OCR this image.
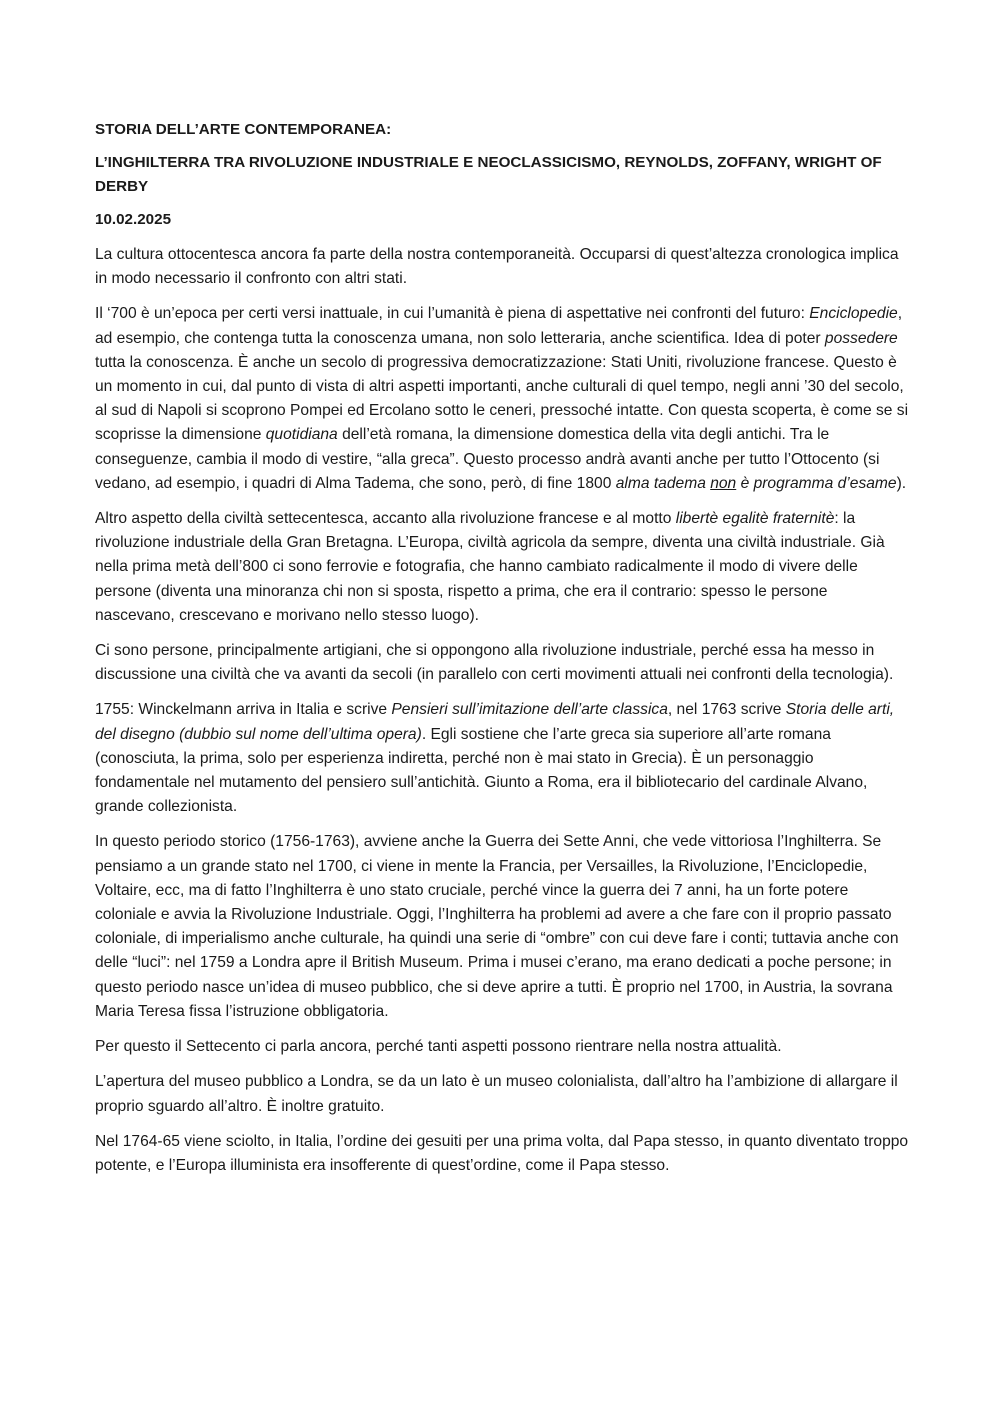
STORIA DELL’ARTE CONTEMPORANEA:
L’INGHILTERRA TRA RIVOLUZIONE INDUSTRIALE E NEOCLASSICISMO, REYNOLDS, ZOFFANY, WRIGHT OF DERBY
10.02.2025

La cultura ottocentesca ancora fa parte della nostra contemporaneità. Occuparsi di quest’altezza cronologica implica in modo necessario il confronto con altri stati.

Il ‘700 è un’epoca per certi versi inattuale, in cui l’umanità è piena di aspettative nei confronti del futuro: Enciclopedie, ad esempio, che contenga tutta la conoscenza umana, non solo letteraria, anche scientifica. Idea di poter possedere tutta la conoscenza. È anche un secolo di progressiva democratizzazione: Stati Uniti, rivoluzione francese. Questo è un momento in cui, dal punto di vista di altri aspetti importanti, anche culturali di quel tempo, negli anni ’30 del secolo, al sud di Napoli si scoprono Pompei ed Ercolano sotto le ceneri, pressoché intatte. Con questa scoperta, è come se si scoprisse la dimensione quotidiana dell’età romana, la dimensione domestica della vita degli antichi. Tra le conseguenze, cambia il modo di vestire, “alla greca”. Questo processo andrà avanti anche per tutto l’Ottocento (si vedano, ad esempio, i quadri di Alma Tadema, che sono, però, di fine 1800 alma tadema non è programma d’esame).

Altro aspetto della civiltà settecentesca, accanto alla rivoluzione francese e al motto libertè egalitè fraternitè: la rivoluzione industriale della Gran Bretagna. L’Europa, civiltà agricola da sempre, diventa una civiltà industriale. Già nella prima metà dell’800 ci sono ferrovie e fotografia, che hanno cambiato radicalmente il modo di vivere delle persone (diventa una minoranza chi non si sposta, rispetto a prima, che era il contrario: spesso le persone nascevano, crescevano e morivano nello stesso luogo).

Ci sono persone, principalmente artigiani, che si oppongono alla rivoluzione industriale, perché essa ha messo in discussione una civiltà che va avanti da secoli (in parallelo con certi movimenti attuali nei confronti della tecnologia).

1755: Winckelmann arriva in Italia e scrive Pensieri sull’imitazione dell’arte classica, nel 1763 scrive Storia delle arti, del disegno (dubbio sul nome dell’ultima opera). Egli sostiene che l’arte greca sia superiore all’arte romana (conosciuta, la prima, solo per esperienza indiretta, perché non è mai stato in Grecia). È un personaggio fondamentale nel mutamento del pensiero sull’antichità. Giunto a Roma, era il bibliotecario del cardinale Alvano, grande collezionista.

In questo periodo storico (1756-1763), avviene anche la Guerra dei Sette Anni, che vede vittoriosa l’Inghilterra. Se pensiamo a un grande stato nel 1700, ci viene in mente la Francia, per Versailles, la Rivoluzione, l’Enciclopedie, Voltaire, ecc, ma di fatto l’Inghilterra è uno stato cruciale, perché vince la guerra dei 7 anni, ha un forte potere coloniale e avvia la Rivoluzione Industriale. Oggi, l’Inghilterra ha problemi ad avere a che fare con il proprio passato coloniale, di imperialismo anche culturale, ha quindi una serie di “ombre” con cui deve fare i conti; tuttavia anche con delle “luci”: nel 1759 a Londra apre il British Museum. Prima i musei c’erano, ma erano dedicati a poche persone; in questo periodo nasce un’idea di museo pubblico, che si deve aprire a tutti. È proprio nel 1700, in Austria, la sovrana Maria Teresa fissa l’istruzione obbligatoria.

Per questo il Settecento ci parla ancora, perché tanti aspetti possono rientrare nella nostra attualità.

L’apertura del museo pubblico a Londra, se da un lato è un museo colonialista, dall’altro ha l’ambizione di allargare il proprio sguardo all’altro. È inoltre gratuito.

Nel 1764-65 viene sciolto, in Italia, l’ordine dei gesuiti per una prima volta, dal Papa stesso, in quanto diventato troppo potente, e l’Europa illuminista era insofferente di quest’ordine, come il Papa stesso.
